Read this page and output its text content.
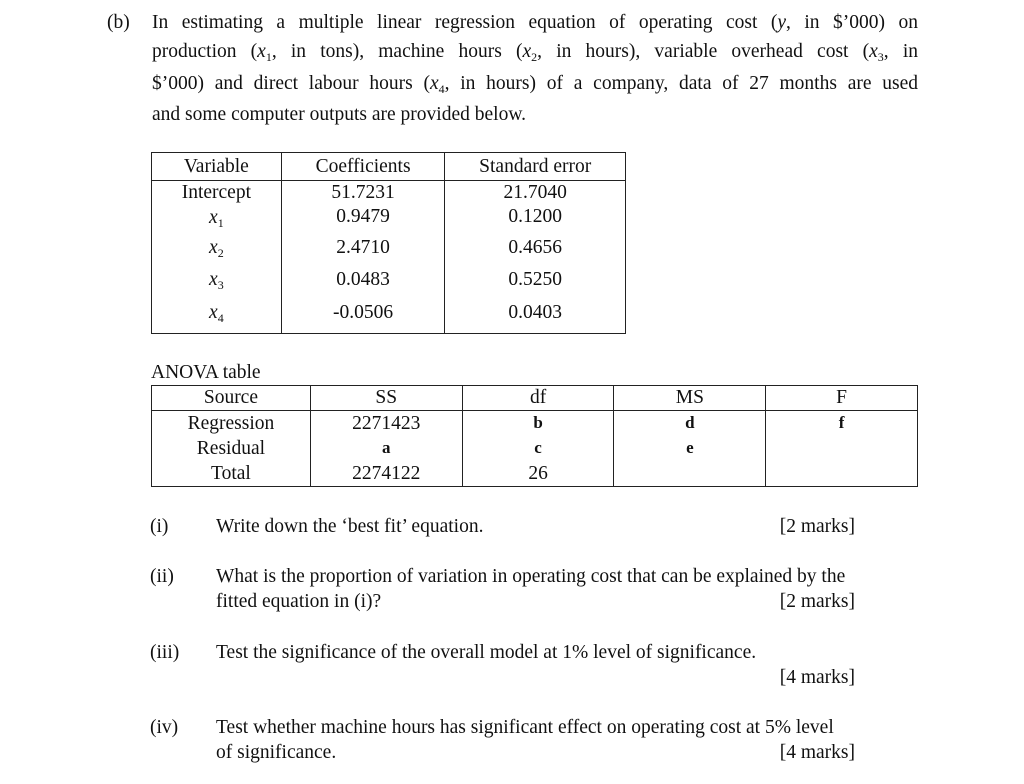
(b) In estimating a multiple linear regression equation of operating cost (y, in $’000) on
production ($x_1$, in tons), machine hours ($x_2$, in hours), variable overhead cost ($x_3$, in
$’000) and direct labour hours ($x_4$, in hours) of a company, data of 27 months are used
and some computer outputs are provided below.
Variable	Coefficients	Standard error
Intercept	51.7231	21.7040
$x_1$	0.9479	0.1200
$x_2$	2.4710	0.4656
$x_3$	0.0483	0.5250
$x_4$	-0.0506	0.0403
ANOVA table
Source	SS	df	MS	F
Regression	2271423	b	d	f
Residual	a	c	e	
Total	2274122	26		
(i) Write down the ‘best fit’ equation.	[2 marks]
(ii) What is the proportion of variation in operating cost that can be explained by the
fitted equation in (i)?	[2 marks]
(iii) Test the significance of the overall model at 1% level of significance.
[4 marks]
(iv) Test whether machine hours has significant effect on operating cost at 5% level
of significance.	[4 marks]
